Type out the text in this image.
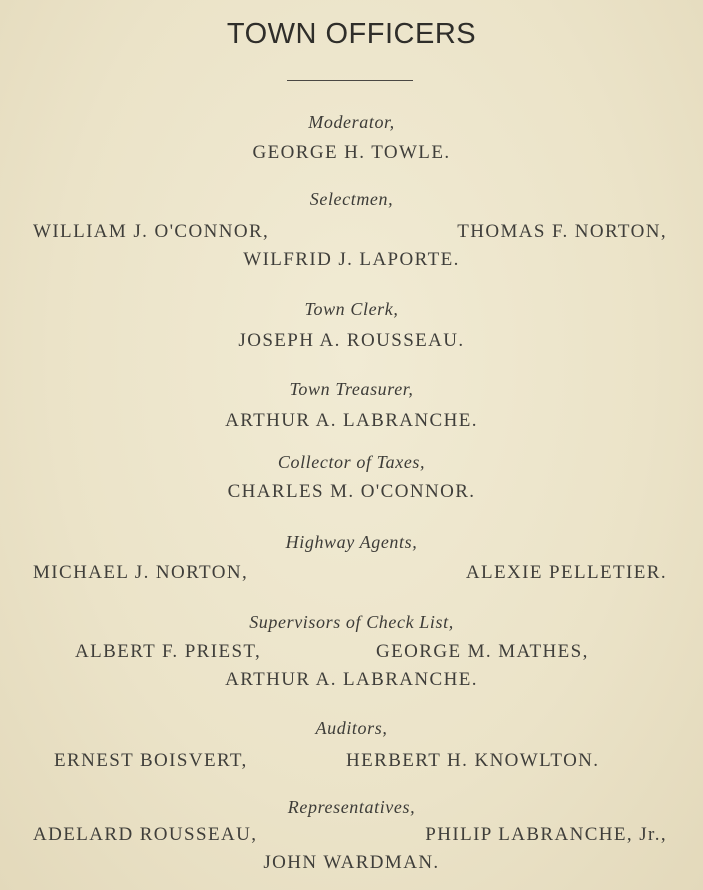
TOWN OFFICERS
Moderator,
GEORGE H. TOWLE.
Selectmen,
WILLIAM J. O'CONNOR,	THOMAS F. NORTON,
WILFRID J. LAPORTE.
Town Clerk,
JOSEPH A. ROUSSEAU.
Town Treasurer,
ARTHUR A. LABRANCHE.
Collector of Taxes,
CHARLES M. O'CONNOR.
Highway Agents,
MICHAEL J. NORTON,	ALEXIE PELLETIER.
Supervisors of Check List,
ALBERT F. PRIEST,	GEORGE M. MATHES,
ARTHUR A. LABRANCHE.
Auditors,
ERNEST BOISVERT,	HERBERT H. KNOWLTON.
Representatives,
ADELARD ROUSSEAU,	PHILIP LABRANCHE, Jr.,
JOHN WARDMAN.
